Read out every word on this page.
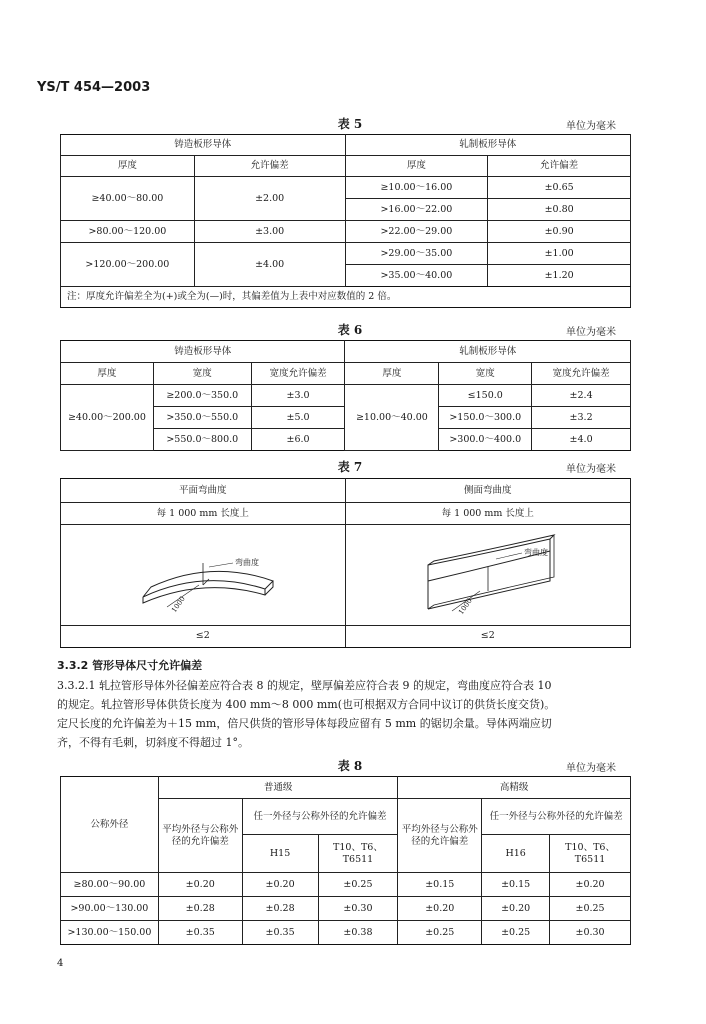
YS/T 454—2003
表 5	单位为毫米
铸造板形导体		轧制板形导体	
厚度	允许偏差	厚度	允许偏差
≥40.00～80.00	±2.00	≥10.00～16.00	±0.65
		>16.00～22.00	±0.80
>80.00～120.00	±3.00	>22.00～29.00	±0.90
>120.00～200.00	±4.00	>29.00～35.00	±1.00
		>35.00～40.00	±1.20
注：厚度允许偏差全为(+)或全为(—)时，其偏差值为上表中对应数值的 2 倍。			
表 6	单位为毫米
铸造板形导体			轧制板形导体		
厚度	宽度	宽度允许偏差	厚度	宽度	宽度允许偏差
≥40.00～200.00	≥200.0～350.0	±3.0	≥10.00～40.00	≤150.0	±2.4
	>350.0～550.0	±5.0		>150.0～300.0	±3.2
	>550.0～800.0	±6.0		>300.0～400.0	±4.0
表 7	单位为毫米
平面弯曲度	侧面弯曲度
每 1 000 mm 长度上	每 1 000 mm 长度上

弯曲度
1000	弯曲度
1000

≤2	≤2
3.3.2 管形导体尺寸允许偏差
3.3.2.1 轧拉管形导体外径偏差应符合表 8 的规定，壁厚偏差应符合表 9 的规定，弯曲度应符合表 10
的规定。轧拉管形导体供货长度为 400 mm～8 000 mm(也可根据双方合同中议订的供货长度交货)。
定尺长度的允许偏差为＋15 mm，倍尺供货的管形导体每段应留有 5 mm 的锯切余量。导体两端应切
齐，不得有毛刺，切斜度不得超过 1°。
表 8	单位为毫米
公称外径	普通级			高精级		
	平均外径与公称外径的允许偏差	任一外径与公称外径的允许偏差		平均外径与公称外径的允许偏差	任一外径与公称外径的允许偏差	
		H15	T10、T6、T6511		H16	T10、T6、T6511
≥80.00～90.00	±0.20	±0.20	±0.25	±0.15	±0.15	±0.20
>90.00～130.00	±0.28	±0.28	±0.30	±0.20	±0.20	±0.25
>130.00～150.00	±0.35	±0.35	±0.38	±0.25	±0.25	±0.30
4
